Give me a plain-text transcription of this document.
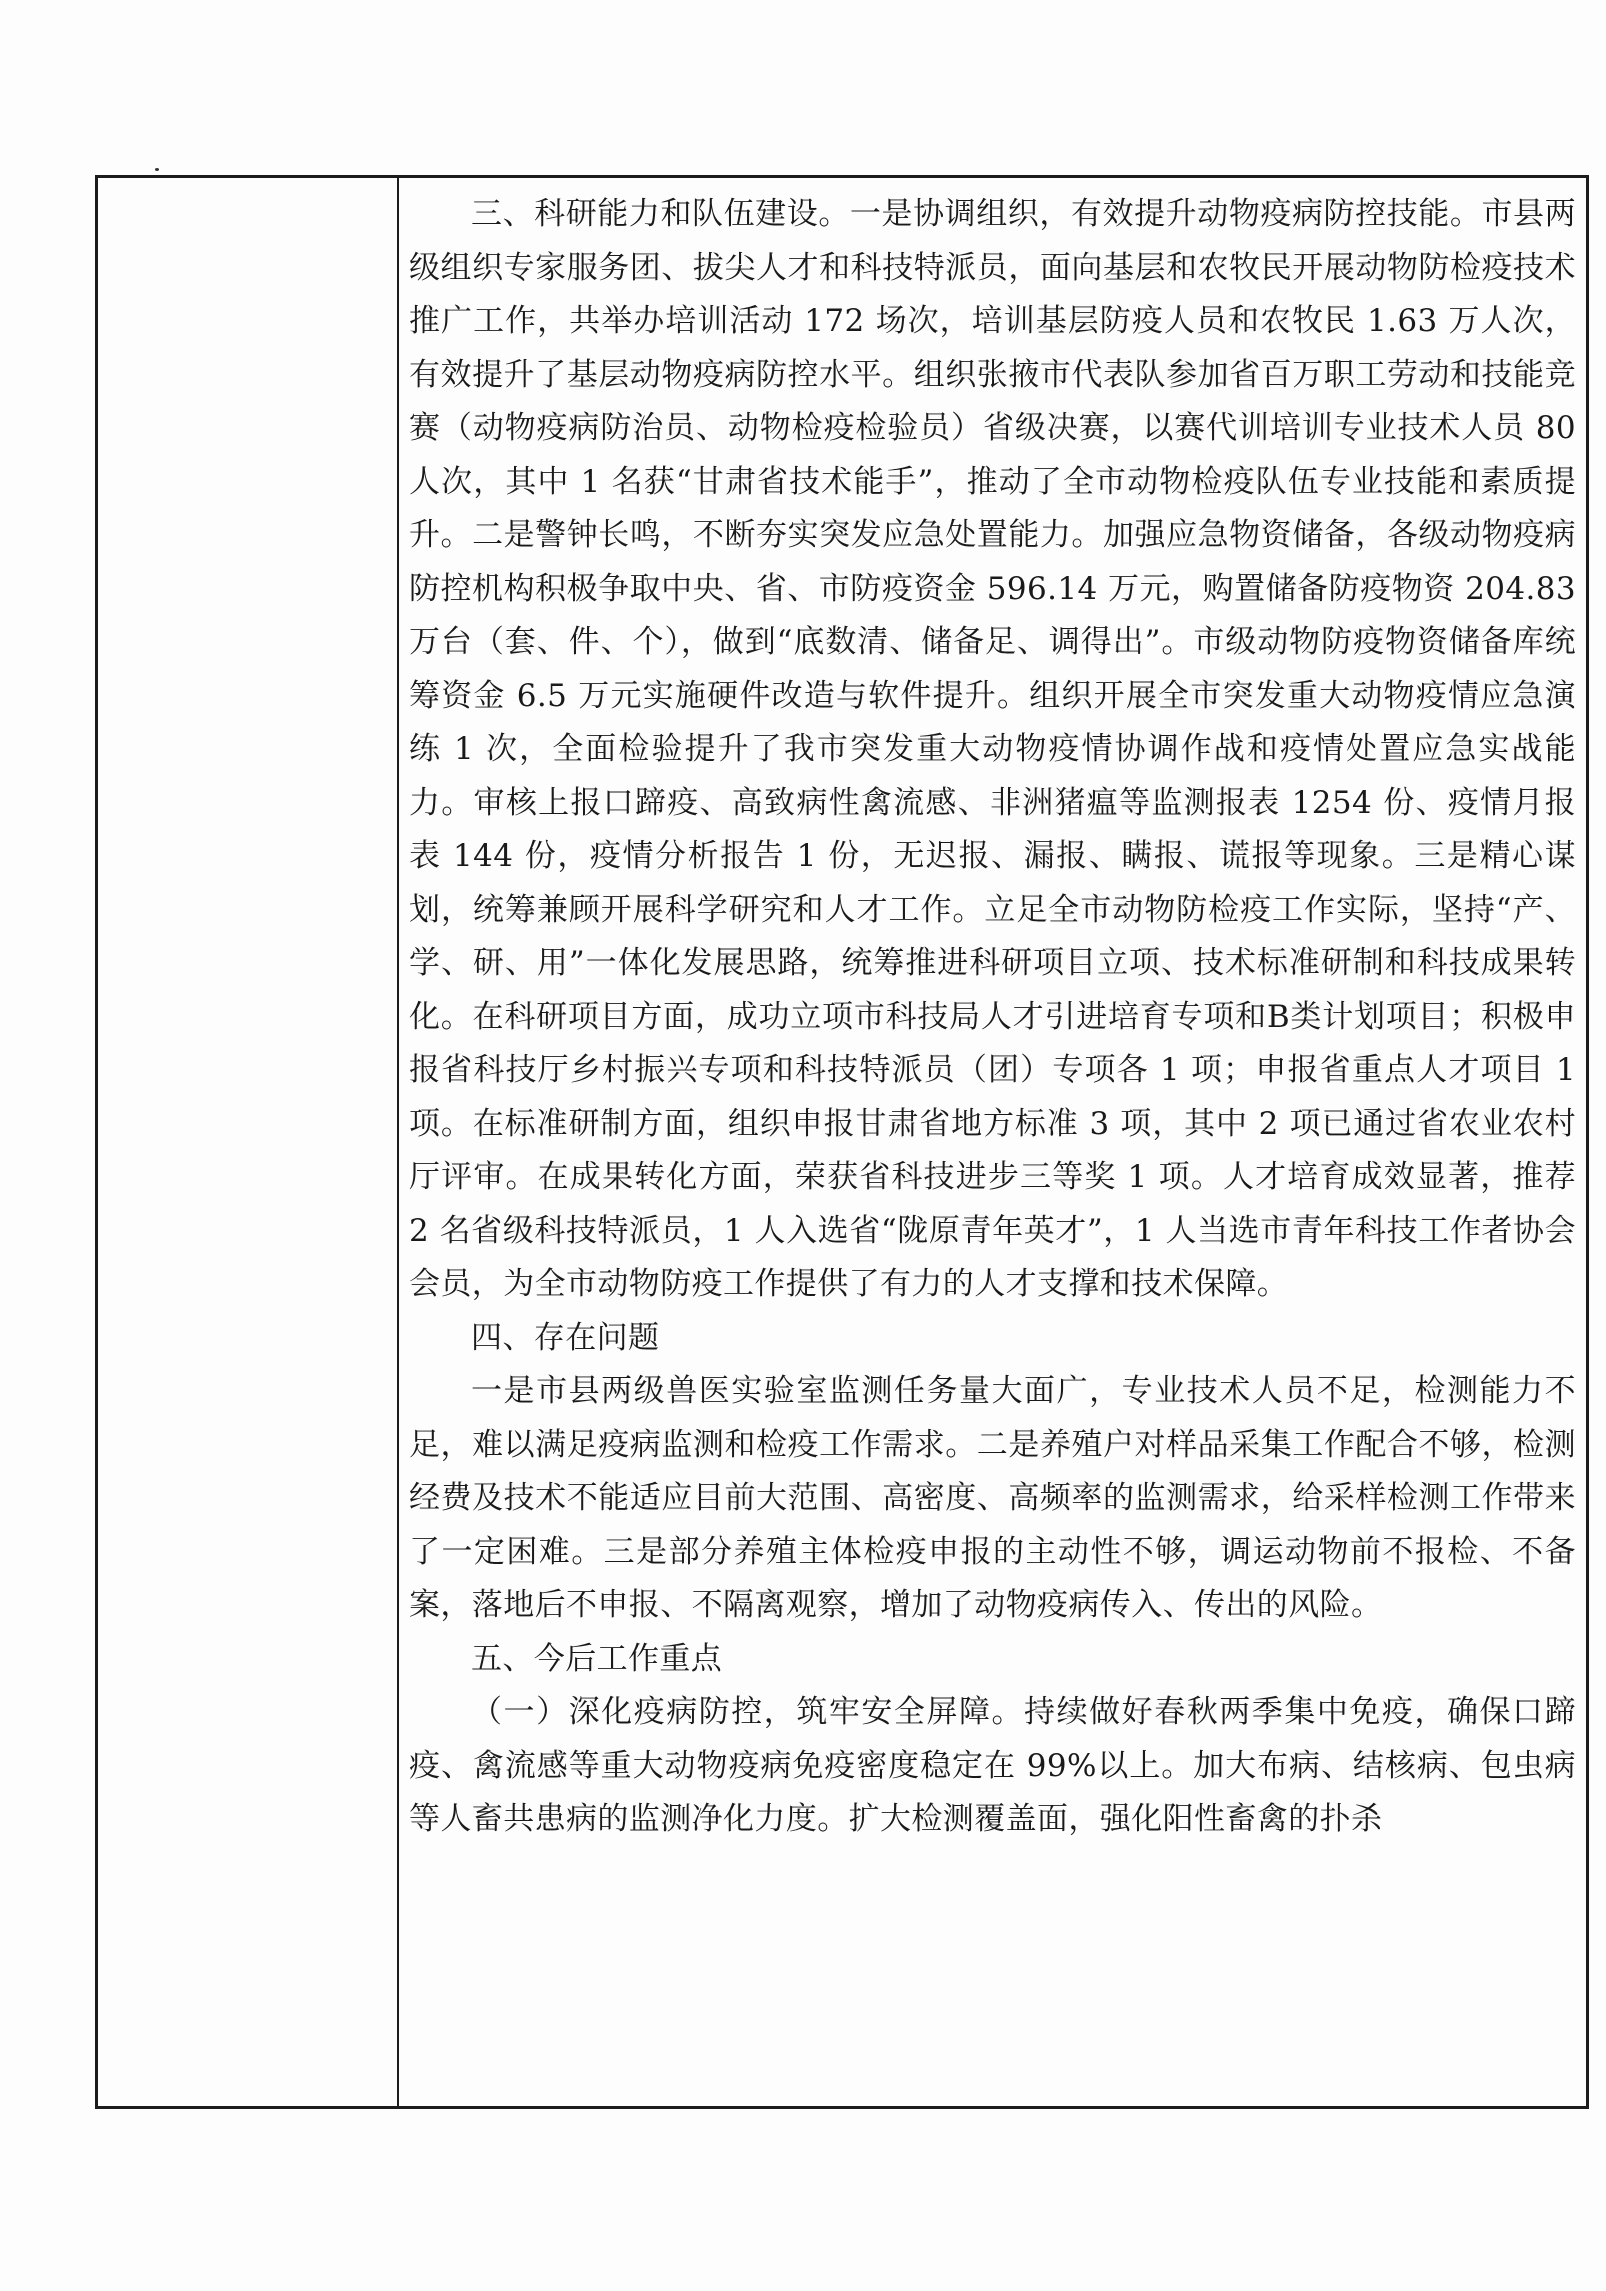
三、科研能力和队伍建设。一是协调组织，有效提升动物疫病防控技能。市县两级组织专家服务团、拔尖人才和科技特派员，面向基层和农牧民开展动物防检疫技术推广工作，共举办培训活动 172 场次，培训基层防疫人员和农牧民 1.63 万人次，有效提升了基层动物疫病防控水平。组织张掖市代表队参加省百万职工劳动和技能竞赛（动物疫病防治员、动物检疫检验员）省级决赛，以赛代训培训专业技术人员 80 人次，其中 1 名获“甘肃省技术能手”，推动了全市动物检疫队伍专业技能和素质提升。二是警钟长鸣，不断夯实突发应急处置能力。加强应急物资储备，各级动物疫病防控机构积极争取中央、省、市防疫资金 596.14 万元，购置储备防疫物资 204.83 万台（套、件、个），做到“底数清、储备足、调得出”。市级动物防疫物资储备库统筹资金 6.5 万元实施硬件改造与软件提升。组织开展全市突发重大动物疫情应急演练 1 次，全面检验提升了我市突发重大动物疫情协调作战和疫情处置应急实战能力。审核上报口蹄疫、高致病性禽流感、非洲猪瘟等监测报表 1254 份、疫情月报表 144 份，疫情分析报告 1 份，无迟报、漏报、瞒报、谎报等现象。三是精心谋划，统筹兼顾开展科学研究和人才工作。立足全市动物防检疫工作实际，坚持“产、学、研、用”一体化发展思路，统筹推进科研项目立项、技术标准研制和科技成果转化。在科研项目方面，成功立项市科技局人才引进培育专项和B类计划项目；积极申报省科技厅乡村振兴专项和科技特派员（团）专项各 1 项；申报省重点人才项目 1 项。在标准研制方面，组织申报甘肃省地方标准 3 项，其中 2 项已通过省农业农村厅评审。在成果转化方面，荣获省科技进步三等奖 1 项。人才培育成效显著，推荐 2 名省级科技特派员，1 人入选省“陇原青年英才”，1 人当选市青年科技工作者协会会员，为全市动物防疫工作提供了有力的人才支撑和技术保障。

四、存在问题

一是市县两级兽医实验室监测任务量大面广，专业技术人员不足，检测能力不足，难以满足疫病监测和检疫工作需求。二是养殖户对样品采集工作配合不够，检测经费及技术不能适应目前大范围、高密度、高频率的监测需求，给采样检测工作带来了一定困难。三是部分养殖主体检疫申报的主动性不够，调运动物前不报检、不备案，落地后不申报、不隔离观察，增加了动物疫病传入、传出的风险。

五、今后工作重点

（一）深化疫病防控，筑牢安全屏障。持续做好春秋两季集中免疫，确保口蹄疫、禽流感等重大动物疫病免疫密度稳定在 99%以上。加大布病、结核病、包虫病等人畜共患病的监测净化力度。扩大检测覆盖面，强化阳性畜禽的扑杀
